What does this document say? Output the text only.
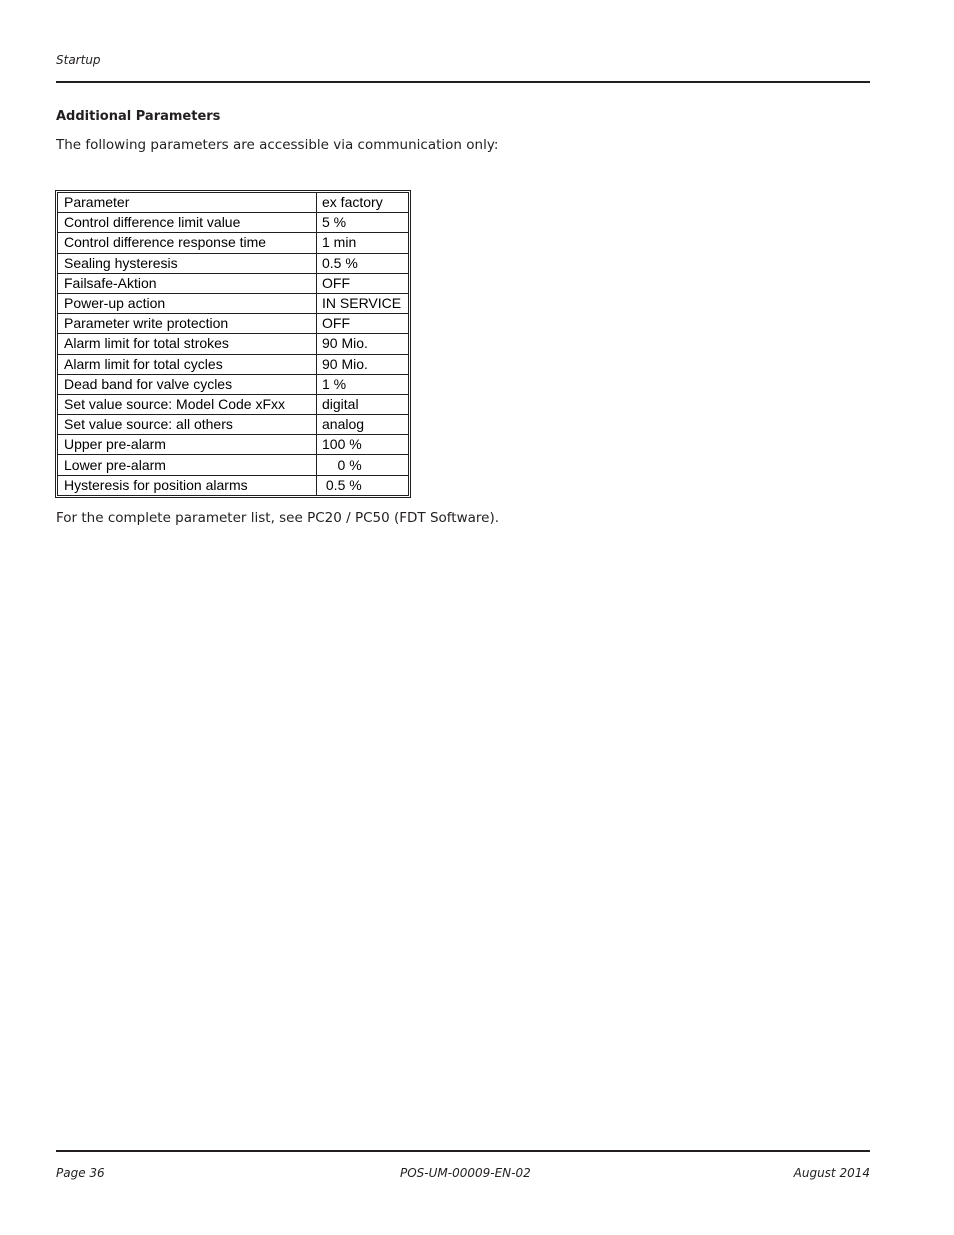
Startup
Additional Parameters
The following parameters are accessible via communication only:
Parameter	ex factory
Control difference limit value	5 %
Control difference response time	1 min
Sealing hysteresis	0.5 %
Failsafe-Aktion	OFF
Power-up action	IN SERVICE
Parameter write protection	OFF
Alarm limit for total strokes	90 Mio.
Alarm limit for total cycles	90 Mio.
Dead band for valve cycles	1 %
Set value source: Model Code xFxx	digital
Set value source: all others	analog
Upper pre-alarm	100 %
Lower pre-alarm	0 %
Hysteresis for position alarms	0.5 %
For the complete parameter list, see PC20 / PC50 (FDT Software).
Page 36	POS-UM-00009-EN-02	August 2014
